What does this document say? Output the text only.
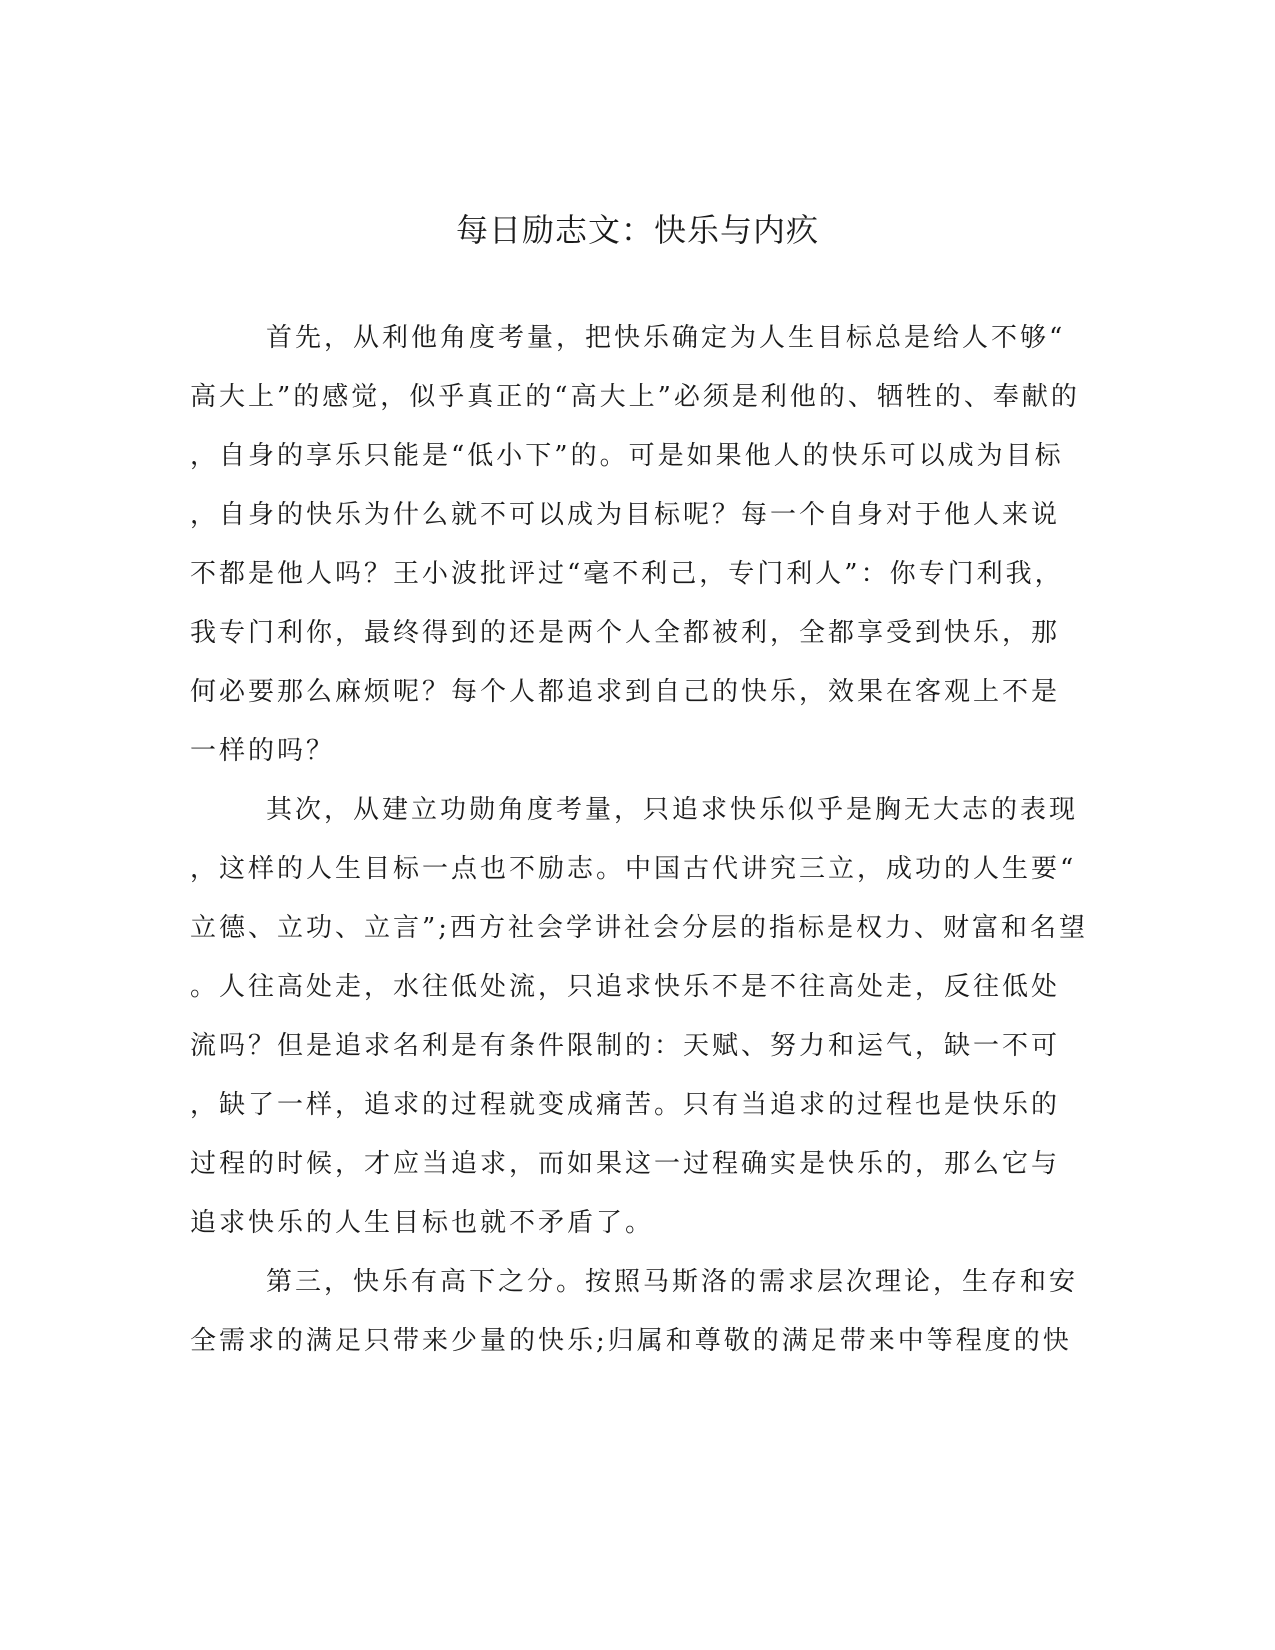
每日励志文：快乐与内疚
首先，从利他角度考量，把快乐确定为人生目标总是给人不够“
高大上”的感觉，似乎真正的“高大上”必须是利他的、牺牲的、奉献的
，自身的享乐只能是“低小下”的。可是如果他人的快乐可以成为目标
，自身的快乐为什么就不可以成为目标呢？每一个自身对于他人来说
不都是他人吗？王小波批评过“毫不利己，专门利人”：你专门利我，
我专门利你，最终得到的还是两个人全都被利，全都享受到快乐，那
何必要那么麻烦呢？每个人都追求到自己的快乐，效果在客观上不是
一样的吗？
其次，从建立功勋角度考量，只追求快乐似乎是胸无大志的表现
，这样的人生目标一点也不励志。中国古代讲究三立，成功的人生要“
立德、立功、立言”;西方社会学讲社会分层的指标是权力、财富和名望
。人往高处走，水往低处流，只追求快乐不是不往高处走，反往低处
流吗？但是追求名利是有条件限制的：天赋、努力和运气，缺一不可
，缺了一样，追求的过程就变成痛苦。只有当追求的过程也是快乐的
过程的时候，才应当追求，而如果这一过程确实是快乐的，那么它与
追求快乐的人生目标也就不矛盾了。
第三，快乐有高下之分。按照马斯洛的需求层次理论，生存和安
全需求的满足只带来少量的快乐;归属和尊敬的满足带来中等程度的快
